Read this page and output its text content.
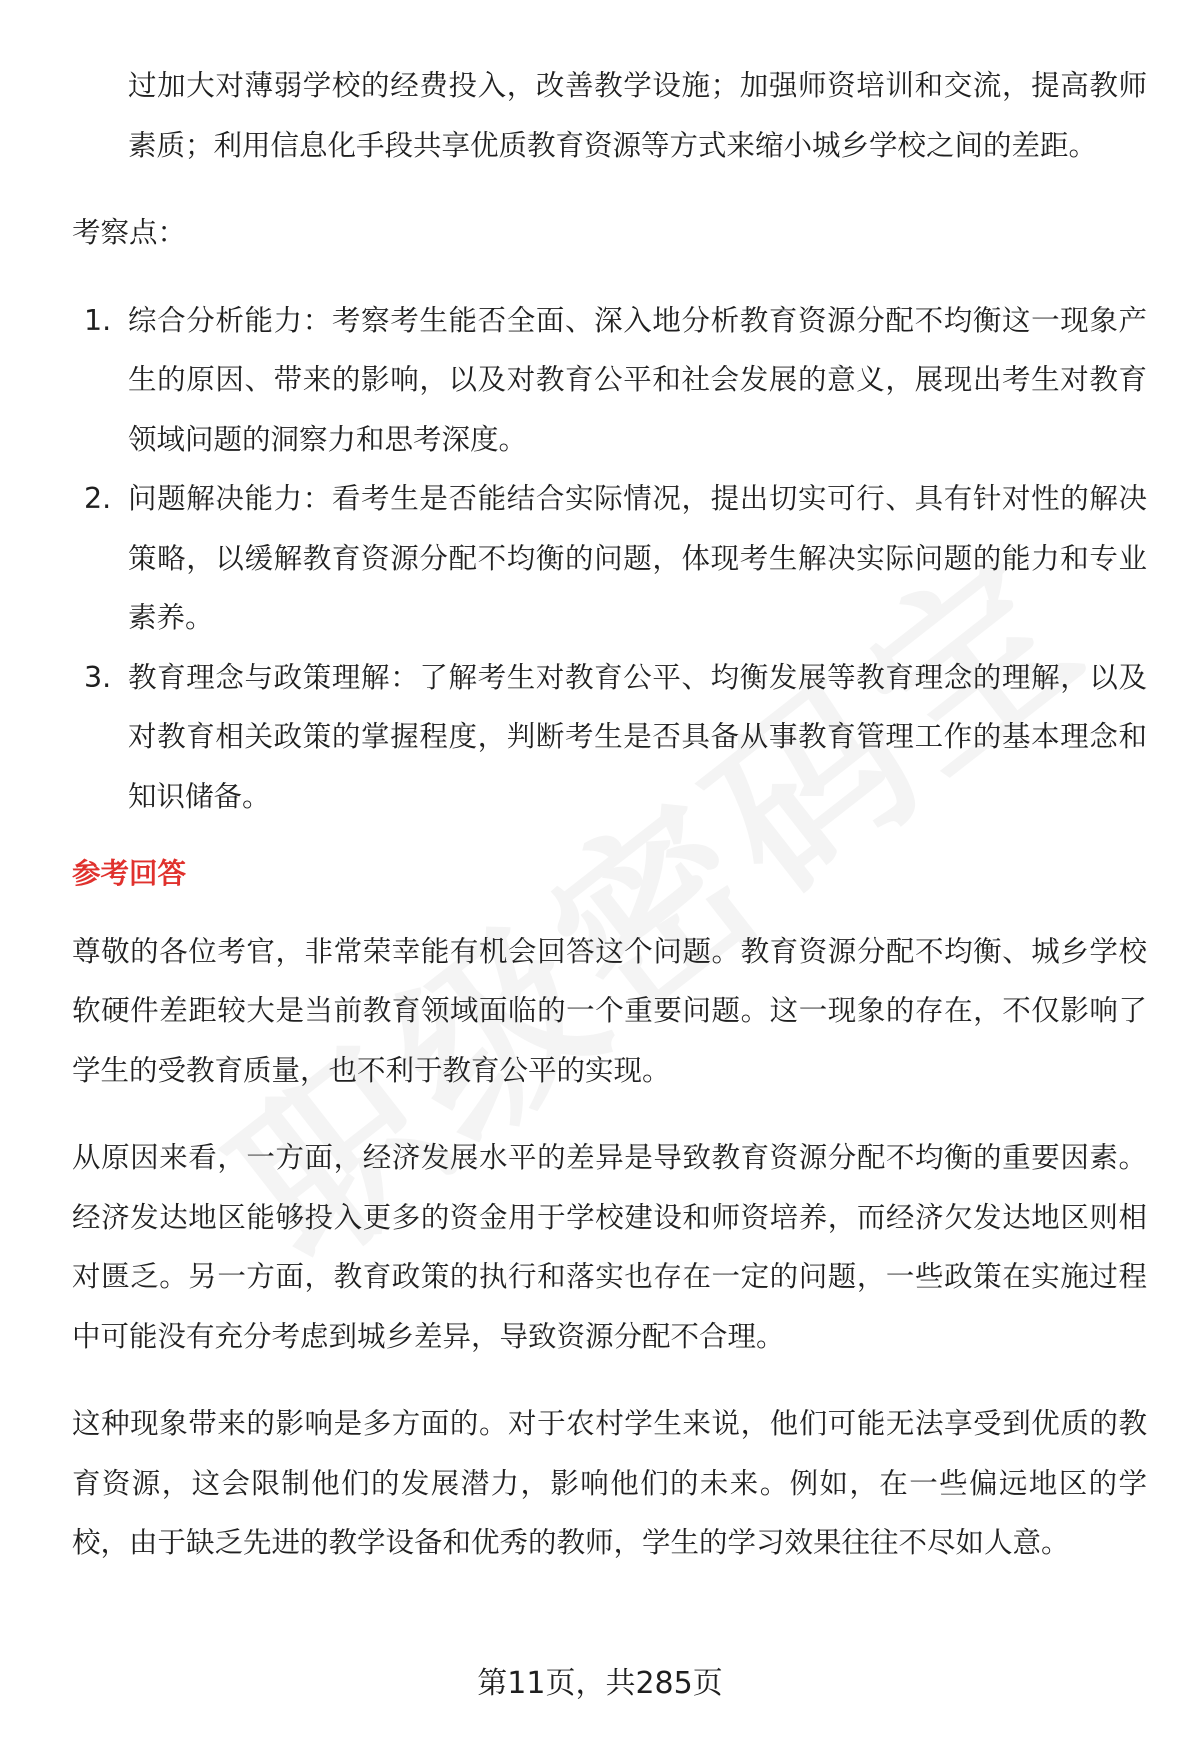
过加大对薄弱学校的经费投入，改善教学设施；加强师资培训和交流，提高教师素质；利用信息化手段共享优质教育资源等方式来缩小城乡学校之间的差距。

考察点：

1. 综合分析能力：考察考生能否全面、深入地分析教育资源分配不均衡这一现象产生的原因、带来的影响，以及对教育公平和社会发展的意义，展现出考生对教育领域问题的洞察力和思考深度。
2. 问题解决能力：看考生是否能结合实际情况，提出切实可行、具有针对性的解决策略，以缓解教育资源分配不均衡的问题，体现考生解决实际问题的能力和专业素养。
3. 教育理念与政策理解：了解考生对教育公平、均衡发展等教育理念的理解，以及对教育相关政策的掌握程度，判断考生是否具备从事教育管理工作的基本理念和知识储备。

参考回答

尊敬的各位考官，非常荣幸能有机会回答这个问题。教育资源分配不均衡、城乡学校软硬件差距较大是当前教育领域面临的一个重要问题。这一现象的存在，不仅影响了学生的受教育质量，也不利于教育公平的实现。

从原因来看，一方面，经济发展水平的差异是导致教育资源分配不均衡的重要因素。经济发达地区能够投入更多的资金用于学校建设和师资培养，而经济欠发达地区则相对匮乏。另一方面，教育政策的执行和落实也存在一定的问题，一些政策在实施过程中可能没有充分考虑到城乡差异，导致资源分配不合理。

这种现象带来的影响是多方面的。对于农村学生来说，他们可能无法享受到优质的教育资源，这会限制他们的发展潜力，影响他们的未来。例如，在一些偏远地区的学校，由于缺乏先进的教学设备和优秀的教师，学生的学习效果往往不尽如人意。

第11页，共285页
